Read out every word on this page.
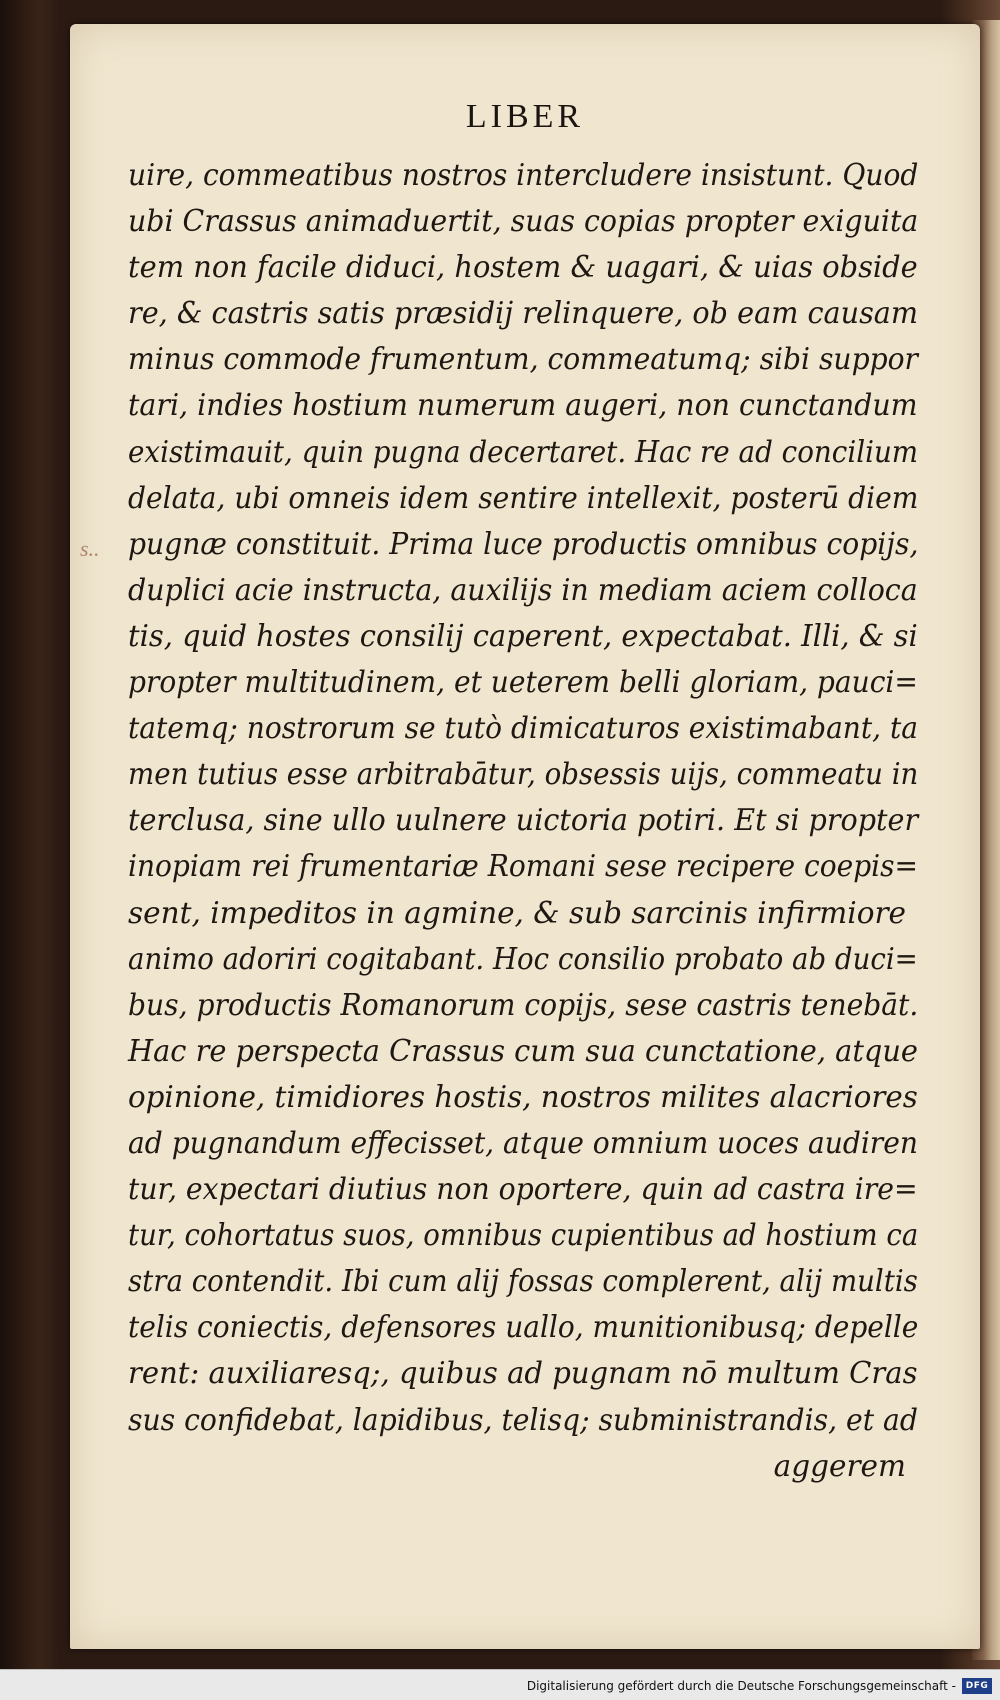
LIBER
s..
uire, commeatibus nostros intercludere insistunt. Quod
ubi Crassus animaduertit, suas copias propter exiguita
tem non facile diduci, hostem & uagari, & uias obside
re, & castris satis præsidij relinquere, ob eam causam
minus commode frumentum, commeatumq; sibi suppor
tari, indies hostium numerum augeri, non cunctandum
existimauit, quin pugna decertaret. Hac re ad concilium
delata, ubi omneis idem sentire intellexit, posterū diem
pugnæ constituit. Prima luce productis omnibus copijs,
duplici acie instructa, auxilijs in mediam aciem colloca
tis, quid hostes consilij caperent, expectabat. Illi, & si
propter multitudinem, et ueterem belli gloriam, pauci=
tatemq; nostrorum se tutò dimicaturos existimabant, ta
men tutius esse arbitrabātur, obsessis uijs, commeatu in
terclusa, sine ullo uulnere uictoria potiri. Et si propter
inopiam rei frumentariæ Romani sese recipere coepis=
sent, impeditos in agmine, & sub sarcinis infirmiore
animo adoriri cogitabant. Hoc consilio probato ab duci=
bus, productis Romanorum copijs, sese castris tenebāt.
Hac re perspecta Crassus cum sua cunctatione, atque
opinione, timidiores hostis, nostros milites alacriores
ad pugnandum effecisset, atque omnium uoces audiren
tur, expectari diutius non oportere, quin ad castra ire=
tur, cohortatus suos, omnibus cupientibus ad hostium ca
stra contendit. Ibi cum alij fossas complerent, alij multis
telis coniectis, defensores uallo, munitionibusq; depelle
rent: auxiliaresq;, quibus ad pugnam nō multum Cras
sus confidebat, lapidibus, telisq; subministrandis, et ad
aggerem
Digitalisierung gefördert durch die Deutsche Forschungsgemeinschaft -	DFG
